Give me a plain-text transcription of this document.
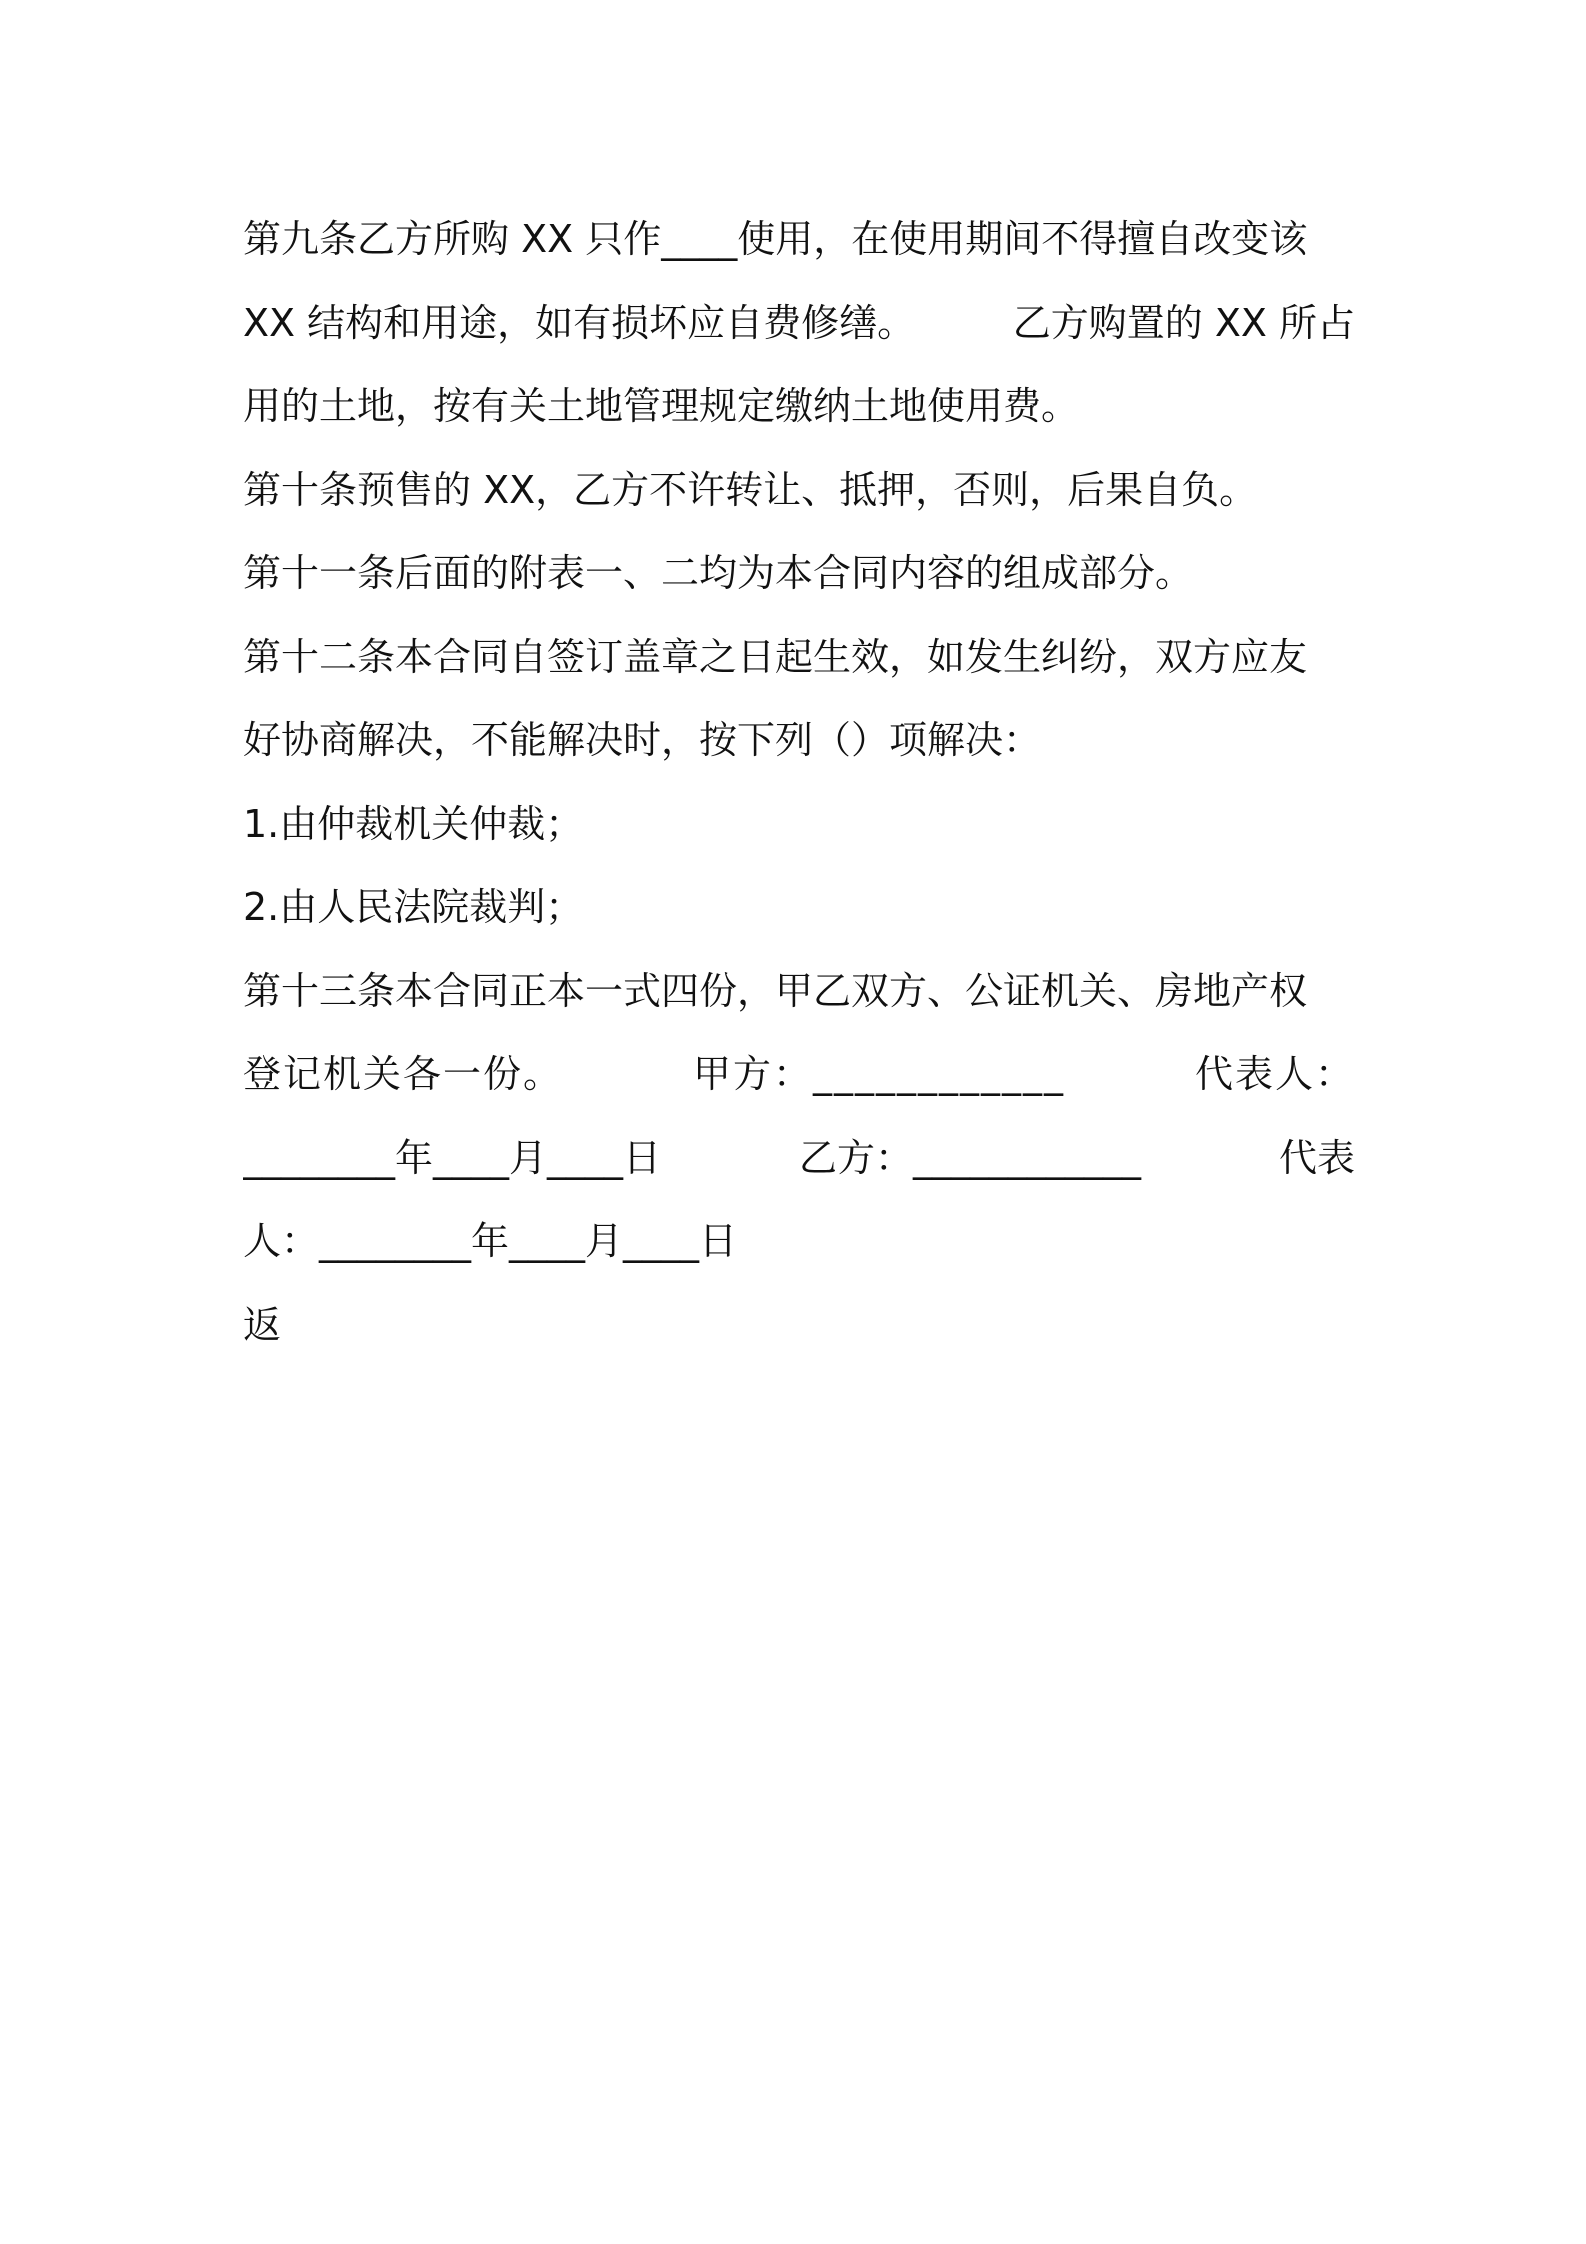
第九条乙方所购 XX 只作____使用，在使用期间不得擅自改变该
XX 结构和用途，如有损坏应自费修缮。	乙方购置的 XX 所占
用的土地，按有关土地管理规定缴纳土地使用费。
第十条预售的 XX，乙方不许转让、抵押，否则，后果自负。
第十一条后面的附表一、二均为本合同内容的组成部分。
第十二条本合同自签订盖章之日起生效，如发生纠纷，双方应友
好协商解决，不能解决时，按下列（）项解决：
1.由仲裁机关仲裁；
2.由人民法院裁判；
第十三条本合同正本一式四份，甲乙双方、公证机关、房地产权
登记机关各一份。	甲方：____________	代表人：
________年____月____日	乙方：____________	代表
人：________年____月____日
返
